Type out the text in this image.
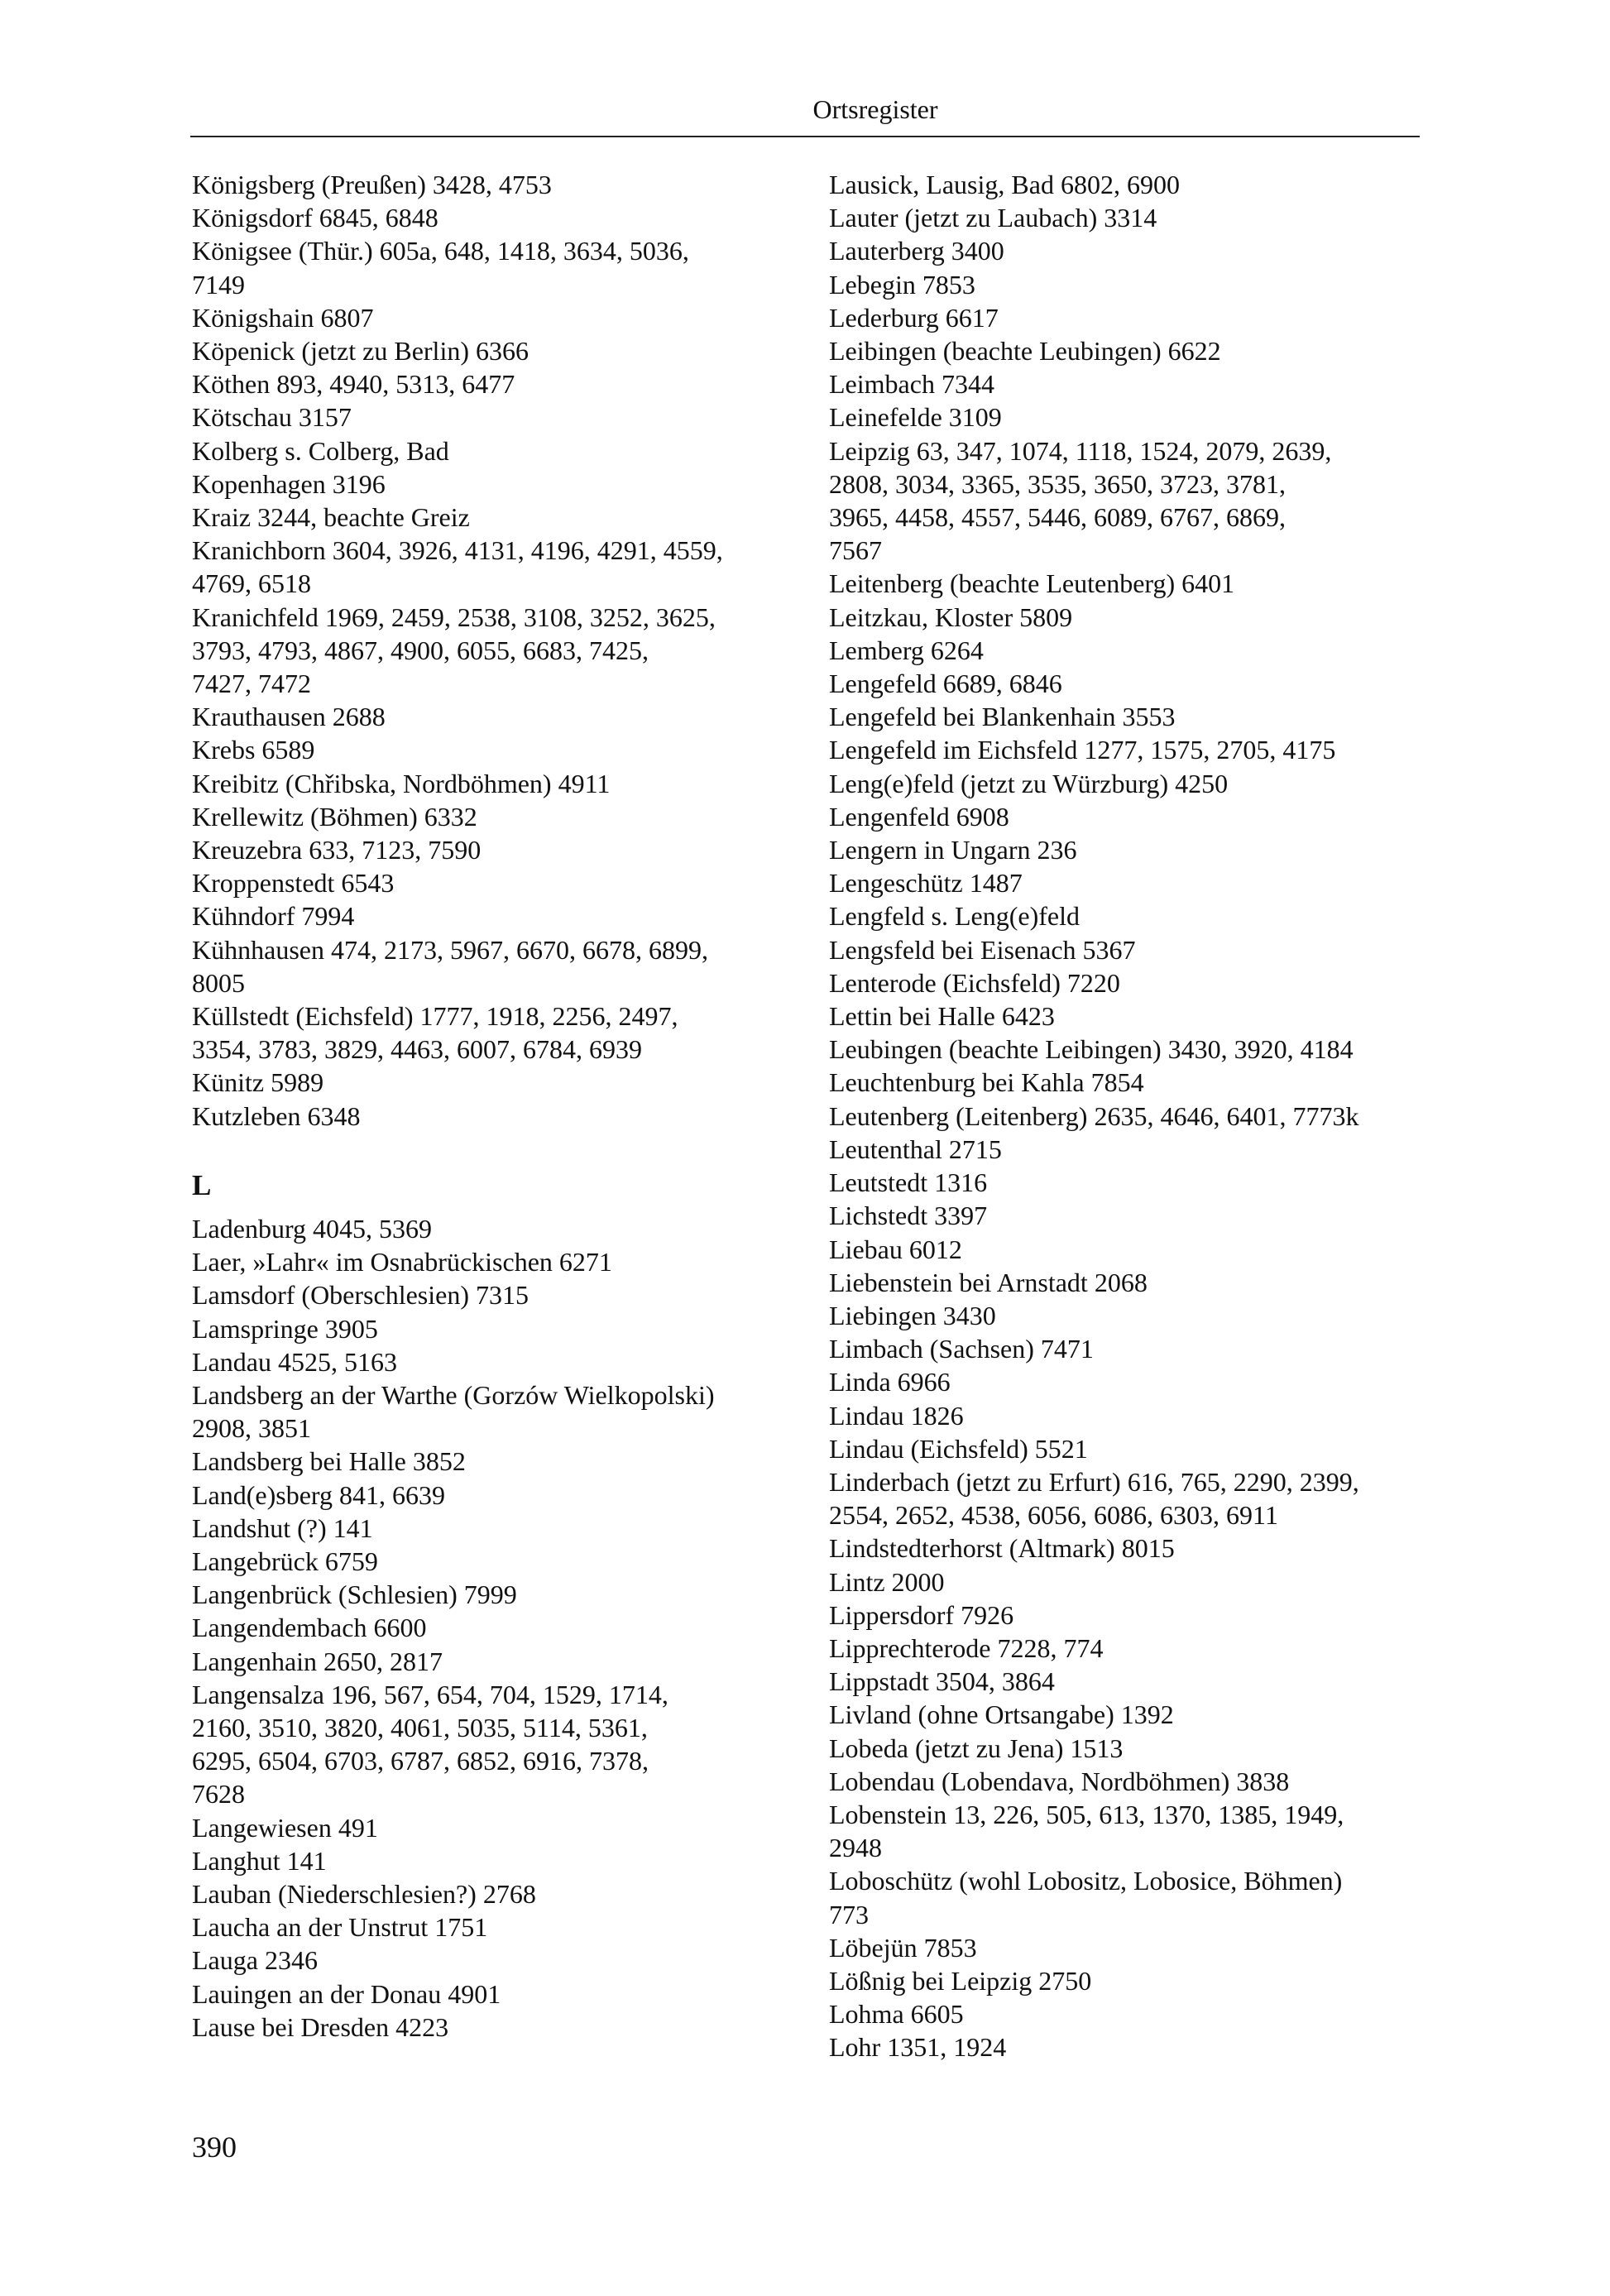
Ortsregister
Königsberg (Preußen) 3428, 4753
Königsdorf 6845, 6848
Königsee (Thür.) 605a, 648, 1418, 3634, 5036,
7149
Königshain 6807
Köpenick (jetzt zu Berlin) 6366
Köthen 893, 4940, 5313, 6477
Kötschau 3157
Kolberg s. Colberg, Bad
Kopenhagen 3196
Kraiz 3244, beachte Greiz
Kranichborn 3604, 3926, 4131, 4196, 4291, 4559,
4769, 6518
Kranichfeld 1969, 2459, 2538, 3108, 3252, 3625,
3793, 4793, 4867, 4900, 6055, 6683, 7425,
7427, 7472
Krauthausen 2688
Krebs 6589
Kreibitz (Chřibska, Nordböhmen) 4911
Krellewitz (Böhmen) 6332
Kreuzebra 633, 7123, 7590
Kroppenstedt 6543
Kühndorf 7994
Kühnhausen 474, 2173, 5967, 6670, 6678, 6899,
8005
Küllstedt (Eichsfeld) 1777, 1918, 2256, 2497,
3354, 3783, 3829, 4463, 6007, 6784, 6939
Künitz 5989
Kutzleben 6348
L
Ladenburg 4045, 5369
Laer, »Lahr« im Osnabrückischen 6271
Lamsdorf (Oberschlesien) 7315
Lamspringe 3905
Landau 4525, 5163
Landsberg an der Warthe (Gorzów Wielkopolski)
2908, 3851
Landsberg bei Halle 3852
Land(e)sberg 841, 6639
Landshut (?) 141
Langebrück 6759
Langenbrück (Schlesien) 7999
Langendembach 6600
Langenhain 2650, 2817
Langensalza 196, 567, 654, 704, 1529, 1714,
2160, 3510, 3820, 4061, 5035, 5114, 5361,
6295, 6504, 6703, 6787, 6852, 6916, 7378,
7628
Langewiesen 491
Langhut 141
Lauban (Niederschlesien?) 2768
Laucha an der Unstrut 1751
Lauga 2346
Lauingen an der Donau 4901
Lause bei Dresden 4223
Lausick, Lausig, Bad 6802, 6900
Lauter (jetzt zu Laubach) 3314
Lauterberg 3400
Lebegin 7853
Lederburg 6617
Leibingen (beachte Leubingen) 6622
Leimbach 7344
Leinefelde 3109
Leipzig 63, 347, 1074, 1118, 1524, 2079, 2639,
2808, 3034, 3365, 3535, 3650, 3723, 3781,
3965, 4458, 4557, 5446, 6089, 6767, 6869,
7567
Leitenberg (beachte Leutenberg) 6401
Leitzkau, Kloster 5809
Lemberg 6264
Lengefeld 6689, 6846
Lengefeld bei Blankenhain 3553
Lengefeld im Eichsfeld 1277, 1575, 2705, 4175
Leng(e)feld (jetzt zu Würzburg) 4250
Lengenfeld 6908
Lengern in Ungarn 236
Lengeschütz 1487
Lengfeld s. Leng(e)feld
Lengsfeld bei Eisenach 5367
Lenterode (Eichsfeld) 7220
Lettin bei Halle 6423
Leubingen (beachte Leibingen) 3430, 3920, 4184
Leuchtenburg bei Kahla 7854
Leutenberg (Leitenberg) 2635, 4646, 6401, 7773k
Leutenthal 2715
Leutstedt 1316
Lichstedt 3397
Liebau 6012
Liebenstein bei Arnstadt 2068
Liebingen 3430
Limbach (Sachsen) 7471
Linda 6966
Lindau 1826
Lindau (Eichsfeld) 5521
Linderbach (jetzt zu Erfurt) 616, 765, 2290, 2399,
2554, 2652, 4538, 6056, 6086, 6303, 6911
Lindstedterhorst (Altmark) 8015
Lintz 2000
Lippersdorf 7926
Lipprechterode 7228, 774
Lippstadt 3504, 3864
Livland (ohne Ortsangabe) 1392
Lobeda (jetzt zu Jena) 1513
Lobendau (Lobendava, Nordböhmen) 3838
Lobenstein 13, 226, 505, 613, 1370, 1385, 1949,
2948
Loboschütz (wohl Lobositz, Lobosice, Böhmen)
773
Löbejün 7853
Lößnig bei Leipzig 2750
Lohma 6605
Lohr 1351, 1924
390
